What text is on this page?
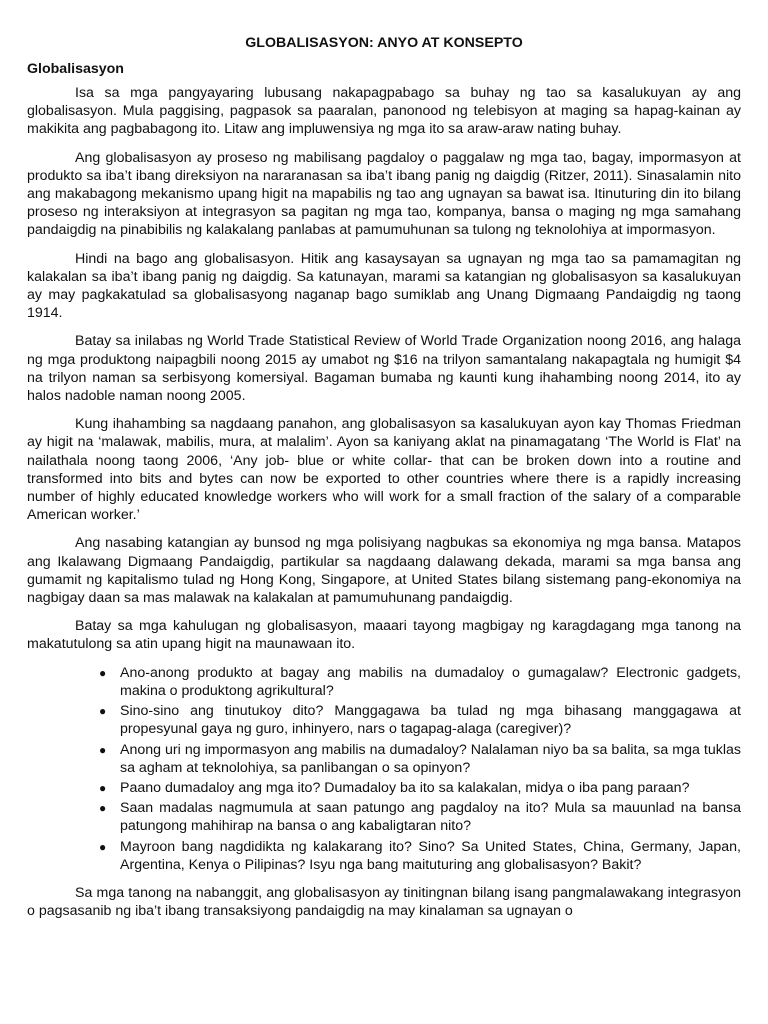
GLOBALISASYON: ANYO AT KONSEPTO
Globalisasyon

Isa sa mga pangyayaring lubusang nakapagpabago sa buhay ng tao sa kasalukuyan ay ang globalisasyon. Mula paggising, pagpasok sa paaralan, panonood ng telebisyon at maging sa hapag-kainan ay makikita ang pagbabagong ito. Litaw ang impluwensiya ng mga ito sa araw-araw nating buhay.

Ang globalisasyon ay proseso ng mabilisang pagdaloy o paggalaw ng mga tao, bagay, impormasyon at produkto sa iba’t ibang direksiyon na nararanasan sa iba’t ibang panig ng daigdig (Ritzer, 2011). Sinasalamin nito ang makabagong mekanismo upang higit na mapabilis ng tao ang ugnayan sa bawat isa. Itinuturing din ito bilang proseso ng interaksiyon at integrasyon sa pagitan ng mga tao, kompanya, bansa o maging ng mga samahang pandaigdig na pinabibilis ng kalakalang panlabas at pamumuhunan sa tulong ng teknolohiya at impormasyon.

Hindi na bago ang globalisasyon. Hitik ang kasaysayan sa ugnayan ng mga tao sa pamamagitan ng kalakalan sa iba’t ibang panig ng daigdig. Sa katunayan, marami sa katangian ng globalisasyon sa kasalukuyan ay may pagkakatulad sa globalisasyong naganap bago sumiklab ang Unang Digmaang Pandaigdig ng taong 1914.

Batay sa inilabas ng World Trade Statistical Review of World Trade Organization noong 2016, ang halaga ng mga produktong naipagbili noong 2015 ay umabot ng $16 na trilyon samantalang nakapagtala ng humigit $4 na trilyon naman sa serbisyong komersiyal. Bagaman bumaba ng kaunti kung ihahambing noong 2014, ito ay halos nadoble naman noong 2005.

Kung ihahambing sa nagdaang panahon, ang globalisasyon sa kasalukuyan ayon kay Thomas Friedman ay higit na ‘malawak, mabilis, mura, at malalim’. Ayon sa kaniyang aklat na pinamagatang ‘The World is Flat’ na nailathala noong taong 2006, ‘Any job- blue or white collar- that can be broken down into a routine and transformed into bits and bytes can now be exported to other countries where there is a rapidly increasing number of highly educated knowledge workers who will work for a small fraction of the salary of a comparable American worker.’

Ang nasabing katangian ay bunsod ng mga polisiyang nagbukas sa ekonomiya ng mga bansa. Matapos ang Ikalawang Digmaang Pandaigdig, partikular sa nagdaang dalawang dekada, marami sa mga bansa ang gumamit ng kapitalismo tulad ng Hong Kong, Singapore, at United States bilang sistemang pang-ekonomiya na nagbigay daan sa mas malawak na kalakalan at pamumuhunang pandaigdig.

Batay sa mga kahulugan ng globalisasyon, maaari tayong magbigay ng karagdagang mga tanong na makatutulong sa atin upang higit na maunawaan ito.

● Ano-anong produkto at bagay ang mabilis na dumadaloy o gumagalaw? Electronic gadgets, makina o produktong agrikultural?
● Sino-sino ang tinutukoy dito? Manggagawa ba tulad ng mga bihasang manggagawa at propesyunal gaya ng guro, inhinyero, nars o tagapag-alaga (caregiver)?
● Anong uri ng impormasyon ang mabilis na dumadaloy? Nalalaman niyo ba sa balita, sa mga tuklas sa agham at teknolohiya, sa panlibangan o sa opinyon?
● Paano dumadaloy ang mga ito? Dumadaloy ba ito sa kalakalan, midya o iba pang paraan?
● Saan madalas nagmumula at saan patungo ang pagdaloy na ito? Mula sa mauunlad na bansa patungong mahihirap na bansa o ang kabaligtaran nito?
● Mayroon bang nagdidikta ng kalakarang ito? Sino? Sa United States, China, Germany, Japan, Argentina, Kenya o Pilipinas? Isyu nga bang maituturing ang globalisasyon? Bakit?

Sa mga tanong na nabanggit, ang globalisasyon ay tinitingnan bilang isang pangmalawakang integrasyon o pagsasanib ng iba’t ibang transaksiyong pandaigdig na may kinalaman sa ugnayan o
